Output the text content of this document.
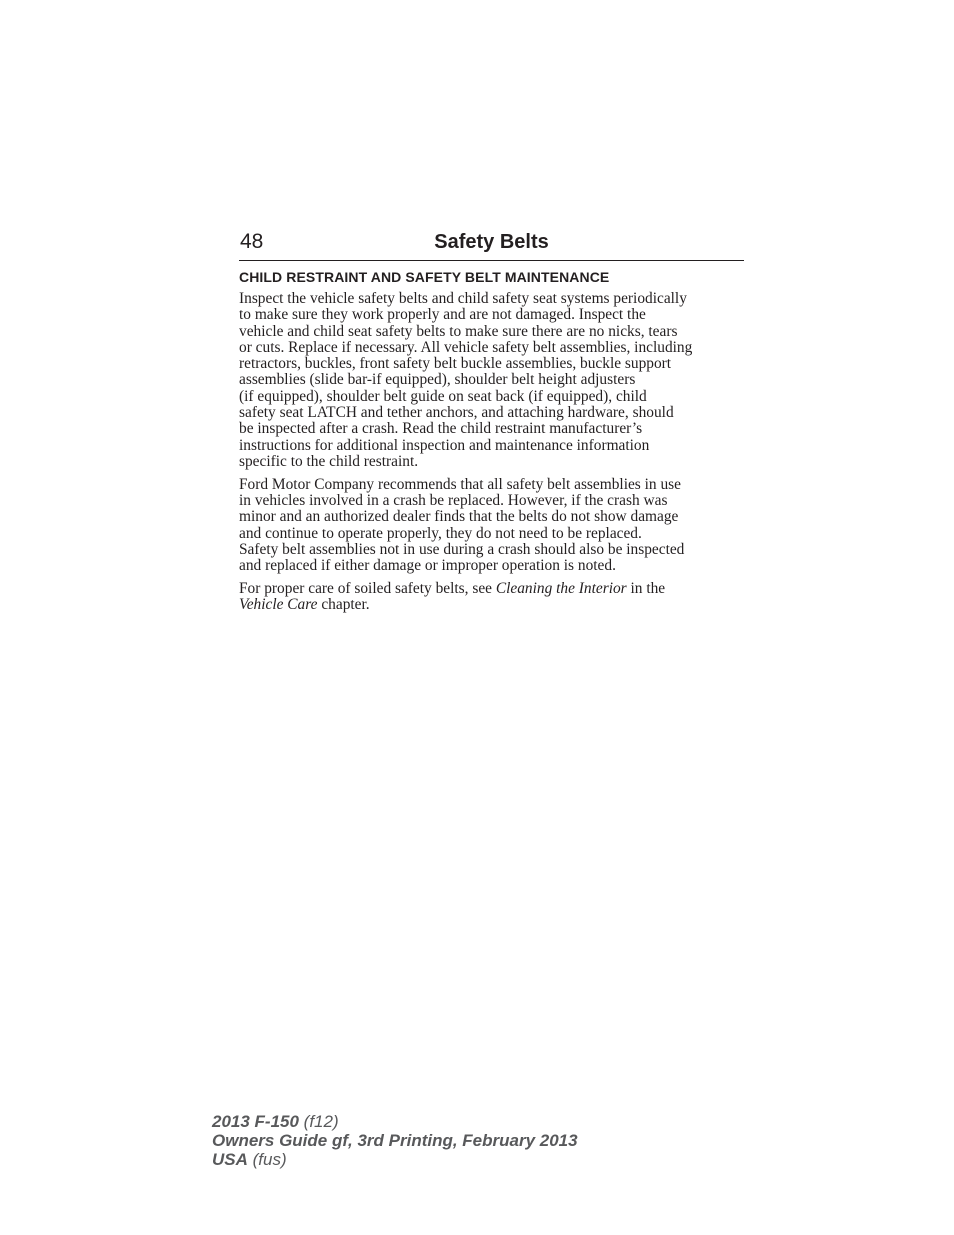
48	Safety Belts
CHILD RESTRAINT AND SAFETY BELT MAINTENANCE
Inspect the vehicle safety belts and child safety seat systems periodically
to make sure they work properly and are not damaged. Inspect the
vehicle and child seat safety belts to make sure there are no nicks, tears
or cuts. Replace if necessary. All vehicle safety belt assemblies, including
retractors, buckles, front safety belt buckle assemblies, buckle support
assemblies (slide bar-if equipped), shoulder belt height adjusters
(if equipped), shoulder belt guide on seat back (if equipped), child
safety seat LATCH and tether anchors, and attaching hardware, should
be inspected after a crash. Read the child restraint manufacturer’s
instructions for additional inspection and maintenance information
specific to the child restraint.
Ford Motor Company recommends that all safety belt assemblies in use
in vehicles involved in a crash be replaced. However, if the crash was
minor and an authorized dealer finds that the belts do not show damage
and continue to operate properly, they do not need to be replaced.
Safety belt assemblies not in use during a crash should also be inspected
and replaced if either damage or improper operation is noted.
For proper care of soiled safety belts, see Cleaning the Interior in the
Vehicle Care chapter.
2013 F-150 (f12)
Owners Guide gf, 3rd Printing, February 2013
USA (fus)
